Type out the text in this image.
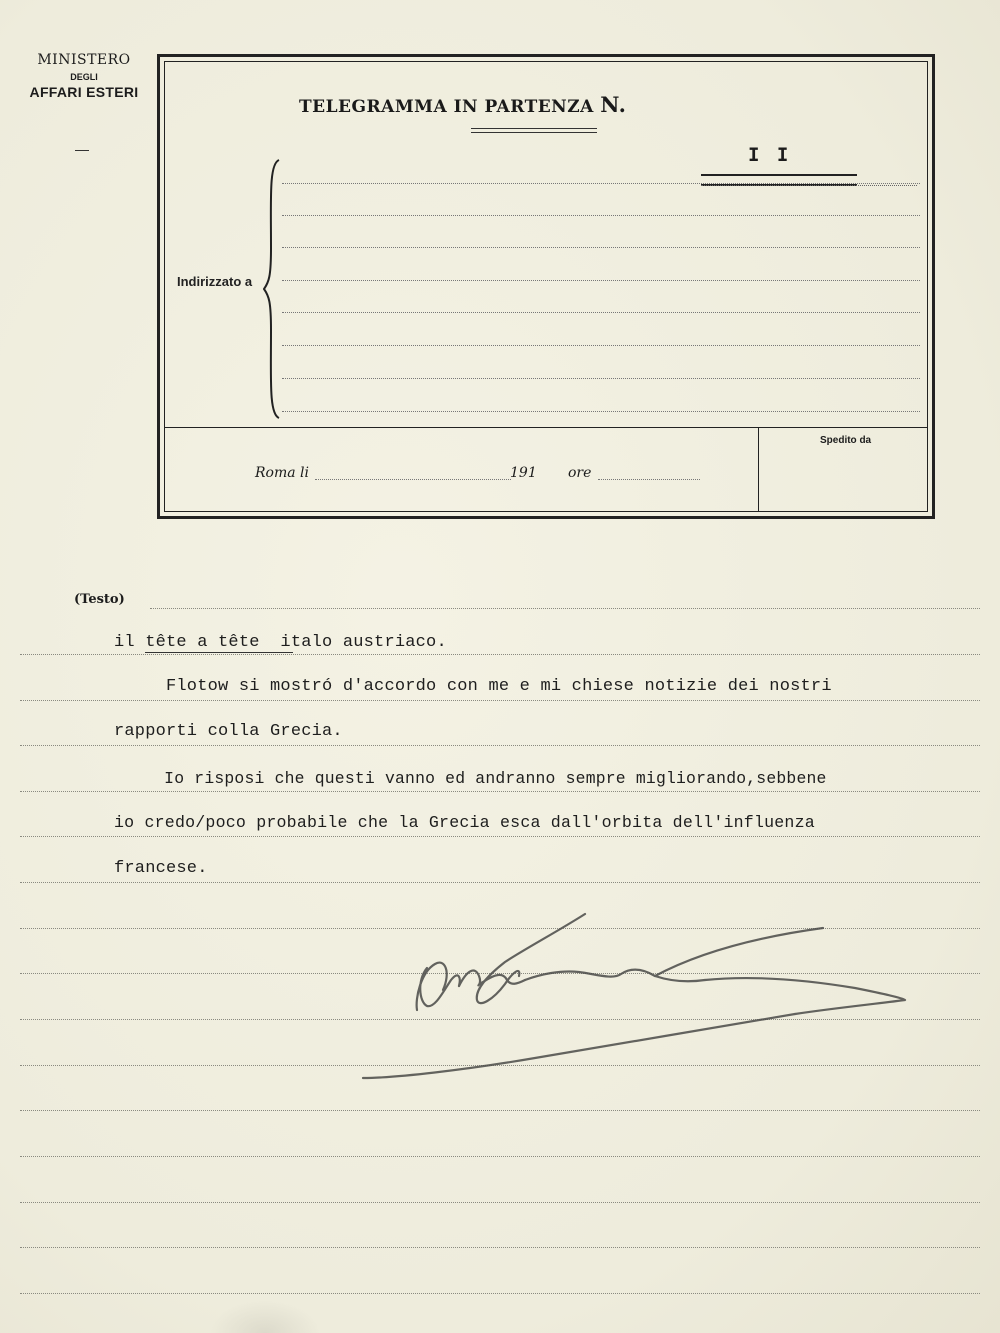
MINISTERO
DEGLI
AFFARI ESTERI
TELEGRAMMA IN PARTENZA N.
I I
Indirizzato a
Roma li	191 ore
Spedito da
(Testo)
il tête a tête  italo austriaco.
Flotow si mostró d'accordo con me e mi chiese notizie dei nostri
rapporti colla Grecia.
Io risposi che questi vanno ed andranno sempre migliorando,sebbene
io credo/poco probabile che la Grecia esca dall'orbita dell'influenza
francese.
